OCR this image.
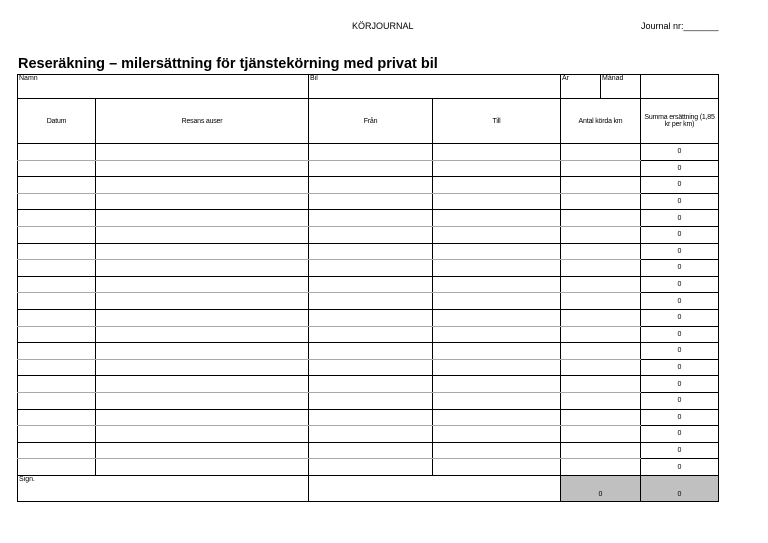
KÖRJOURNAL	Journal nr:_______
Reseräkning – milersättning för tjänstekörning med privat bil
Namn		Bil		År	Månad	
Datum	Resans auser	Från	Till	Antal körda km		Summa ersättning (1,85 kr per km)
						0
						0
						0
						0
						0
						0
						0
						0
						0
						0
						0
						0
						0
						0
						0
						0
						0
						0
						0
						0
Sign.				0		0
